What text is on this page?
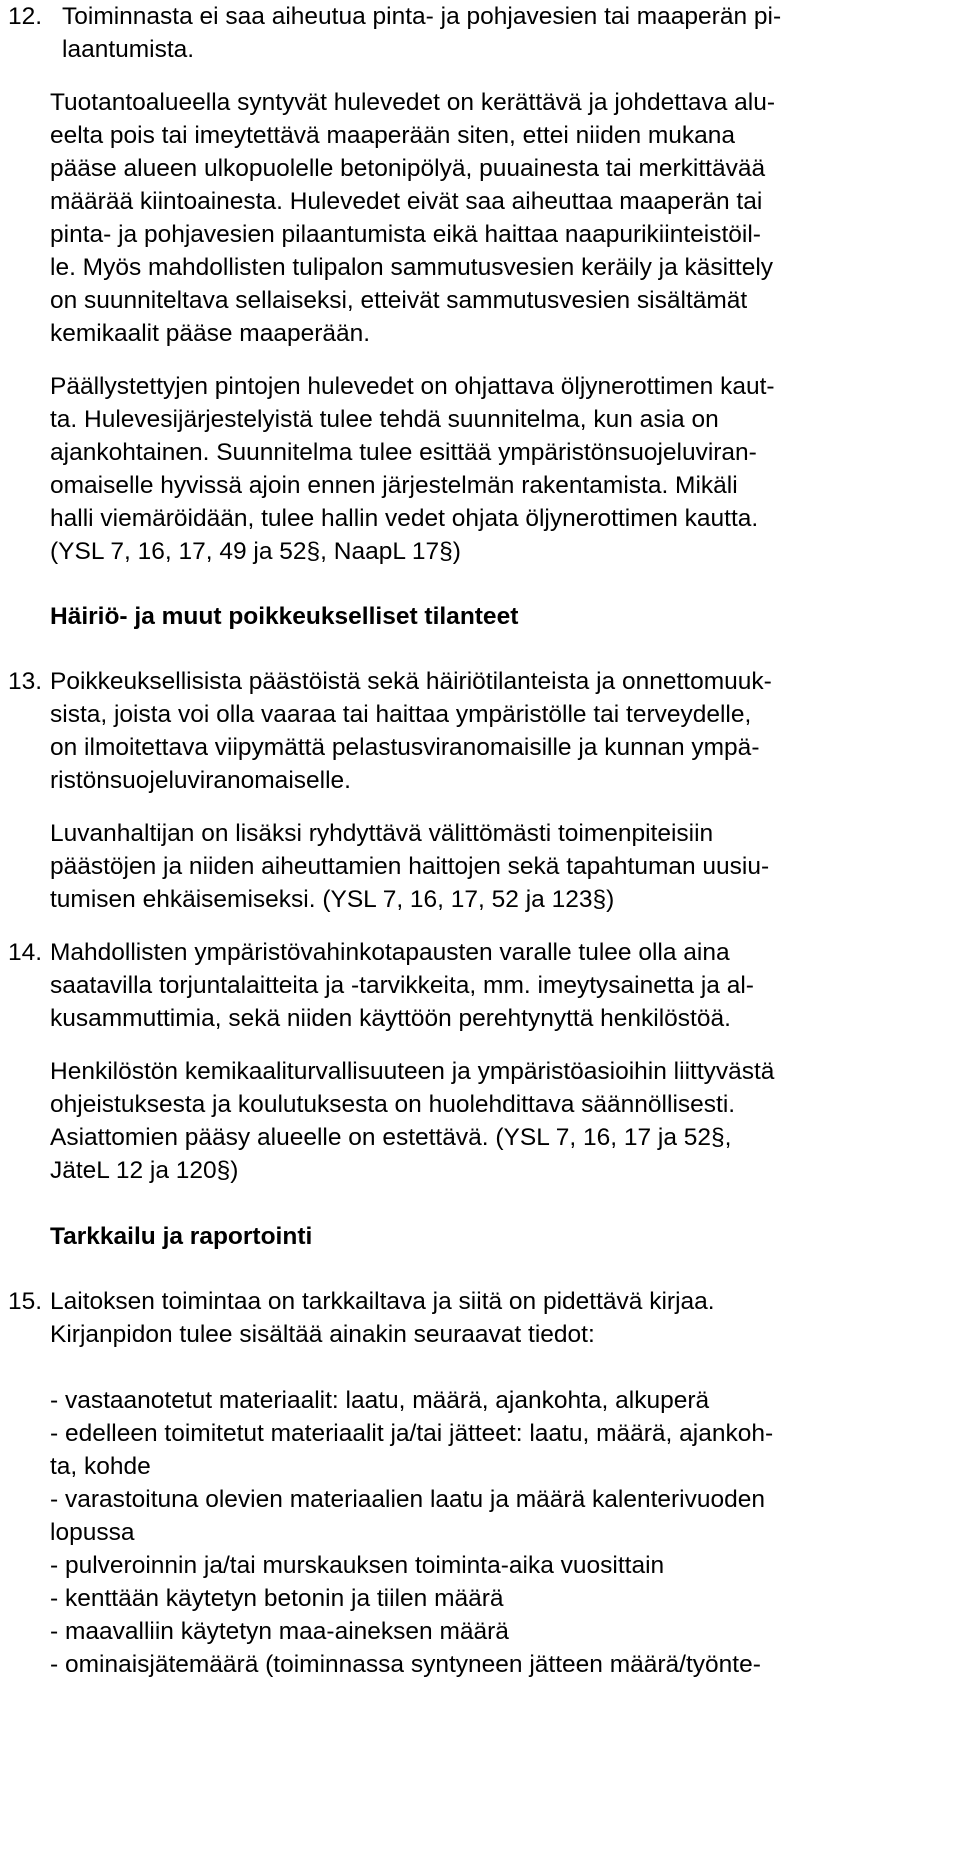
12. Toiminnasta ei saa aiheutua pinta- ja pohjavesien tai maaperän pi-
laantumista.
Tuotantoalueella syntyvät hulevedet on kerättävä ja johdettava alu-
eelta pois tai imeytettävä maaperään siten, ettei niiden mukana
pääse alueen ulkopuolelle betonipölyä, puuainesta tai merkittävää
määrää kiintoainesta. Hulevedet eivät saa aiheuttaa maaperän tai
pinta- ja pohjavesien pilaantumista eikä haittaa naapurikiinteistöil-
le. Myös mahdollisten tulipalon sammutusvesien keräily ja käsittely
on suunniteltava sellaiseksi, etteivät sammutusvesien sisältämät
kemikaalit pääse maaperään.
Päällystettyjen pintojen hulevedet on ohjattava öljynerottimen kaut-
ta. Hulevesijärjestelyistä tulee tehdä suunnitelma, kun asia on
ajankohtainen. Suunnitelma tulee esittää ympäristönsuojeluviran-
omaiselle hyvissä ajoin ennen järjestelmän rakentamista. Mikäli
halli viemäröidään, tulee hallin vedet ohjata öljynerottimen kautta.
(YSL 7, 16, 17, 49 ja 52§, NaapL 17§)
Häiriö- ja muut poikkeukselliset tilanteet
13. Poikkeuksellisista päästöistä sekä häiriötilanteista ja onnettomuuk-
sista, joista voi olla vaaraa tai haittaa ympäristölle tai terveydelle,
on ilmoitettava viipymättä pelastusviranomaisille ja kunnan ympä-
ristönsuojeluviranomaiselle.
Luvanhaltijan on lisäksi ryhdyttävä välittömästi toimenpiteisiin
päästöjen ja niiden aiheuttamien haittojen sekä tapahtuman uusiu-
tumisen ehkäisemiseksi. (YSL 7, 16, 17, 52 ja 123§)
14. Mahdollisten ympäristövahinkotapausten varalle tulee olla aina
saatavilla torjuntalaitteita ja -tarvikkeita, mm. imeytysainetta ja al-
kusammuttimia, sekä niiden käyttöön perehtynyttä henkilöstöä.
Henkilöstön kemikaaliturvallisuuteen ja ympäristöasioihin liittyvästä
ohjeistuksesta ja koulutuksesta on huolehdittava säännöllisesti.
Asiattomien pääsy alueelle on estettävä. (YSL 7, 16, 17 ja 52§,
JäteL 12 ja 120§)
Tarkkailu ja raportointi
15. Laitoksen toimintaa on tarkkailtava ja siitä on pidettävä kirjaa.
Kirjanpidon tulee sisältää ainakin seuraavat tiedot:
- vastaanotetut materiaalit: laatu, määrä, ajankohta, alkuperä
- edelleen toimitetut materiaalit ja/tai jätteet: laatu, määrä, ajankoh-
ta, kohde
- varastoituna olevien materiaalien laatu ja määrä kalenterivuoden
lopussa
- pulveroinnin ja/tai murskauksen toiminta-aika vuosittain
- kenttään käytetyn betonin ja tiilen määrä
- maavalliin käytetyn maa-aineksen määrä
- ominaisjätemäärä (toiminnassa syntyneen jätteen määrä/työnte-
